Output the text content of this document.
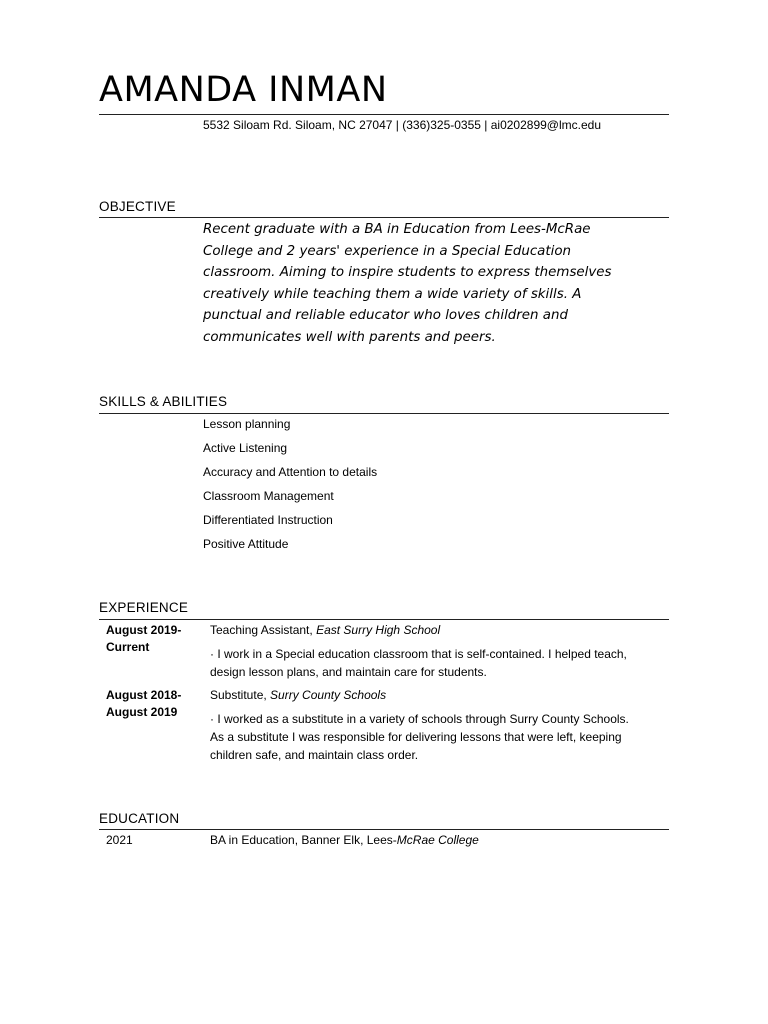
AMANDA INMAN
5532 Siloam Rd. Siloam, NC 27047 | (336)325-0355 | ai0202899@lmc.edu
OBJECTIVE

Recent graduate with a BA in Education from Lees-McRae College and 2 years' experience in a Special Education classroom. Aiming to inspire students to express themselves creatively while teaching them a wide variety of skills. A punctual and reliable educator who loves children and communicates well with parents and peers.

SKILLS & ABILITIES
Lesson planning
Active Listening
Accuracy and Attention to details
Classroom Management
Differentiated Instruction
Positive Attitude
EXPERIENCE
August 2019-
Current
Teaching Assistant, East Surry High School

· I work in a Special education classroom that is self-contained. I helped teach, design lesson plans, and maintain care for students.

August 2018-
August 2019
Substitute, Surry County Schools

· I worked as a substitute in a variety of schools through Surry County Schools. As a substitute I was responsible for delivering lessons that were left, keeping children safe, and maintain class order.

EDUCATION
2021	BA in Education, Banner Elk, Lees-McRae College
